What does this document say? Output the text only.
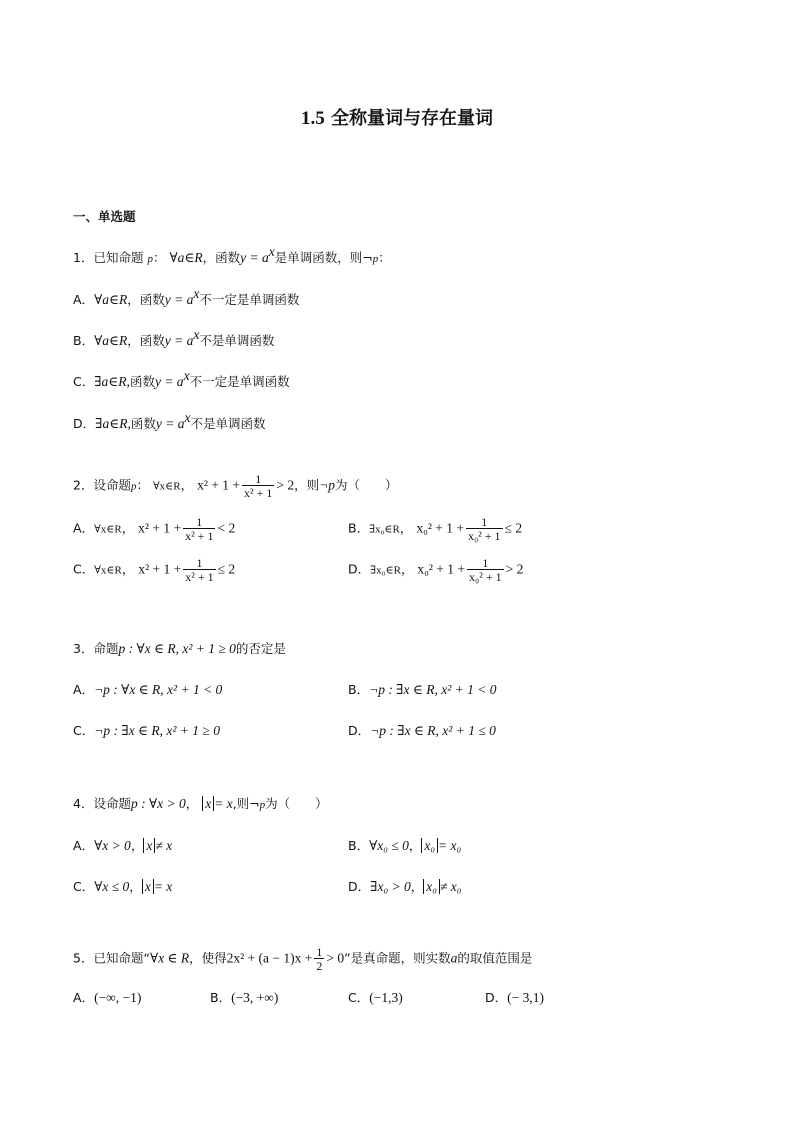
1.5 全称量词与存在量词
一、单选题
1．已知命题 p： ∀a∈R，函数$y = a^x$是单调函数，则¬p：
A．∀a∈R，函数$y = a^x$不一定是单调函数
B．∀a∈R，函数$y = a^x$不是单调函数
C．∃a∈R,函数$y = a^x$不一定是单调函数
D．∃a∈R,函数$y = a^x$不是单调函数
2．设命题p： ∀x∈R， $x^2 + 1 + \frac{1}{\text{x² + 1}} > 2$，则¬p为（　　）
A．∀x∈R， $x^2 + 1 + \frac{1}{\text{x² + 1}} < 2$	B．∃x₀∈R， $x_0^2 + 1 + \frac{1}{\text{x₀² + 1}} \le 2$
C．∀x∈R， $x^2 + 1 + \frac{1}{\text{x² + 1}} \le 2$	D．∃x₀∈R， $x_0^2 + 1 + \frac{1}{\text{x₀² + 1}} > 2$
3．命题p : ∀x ∈ R, x² + 1 ≥ 0的否定是
A．¬p : ∀x ∈ R, x² + 1 < 0	B．¬p : ∃x ∈ R, x² + 1 < 0
C．¬p : ∃x ∈ R, x² + 1 ≥ 0	D．¬p : ∃x ∈ R, x² + 1 ≤ 0
4．设命题p : ∀x > 0， x = x,则¬p为（　　）
A．∀x > 0， x ≠ x	B．∀x₀ ≤ 0， x₀ = x₀
C．∀x ≤ 0， x = x	D．∃x₀ > 0， x₀ ≠ x₀
5．已知命题“∀x ∈ R，使得$2x^2 + (a - 1)x + \frac{1}{2} > 0$”是真命题，则实数a的取值范围是
A．(−∞, −1)	B．(−3, +∞)	C．(−1,3)	D．(− 3,1)
